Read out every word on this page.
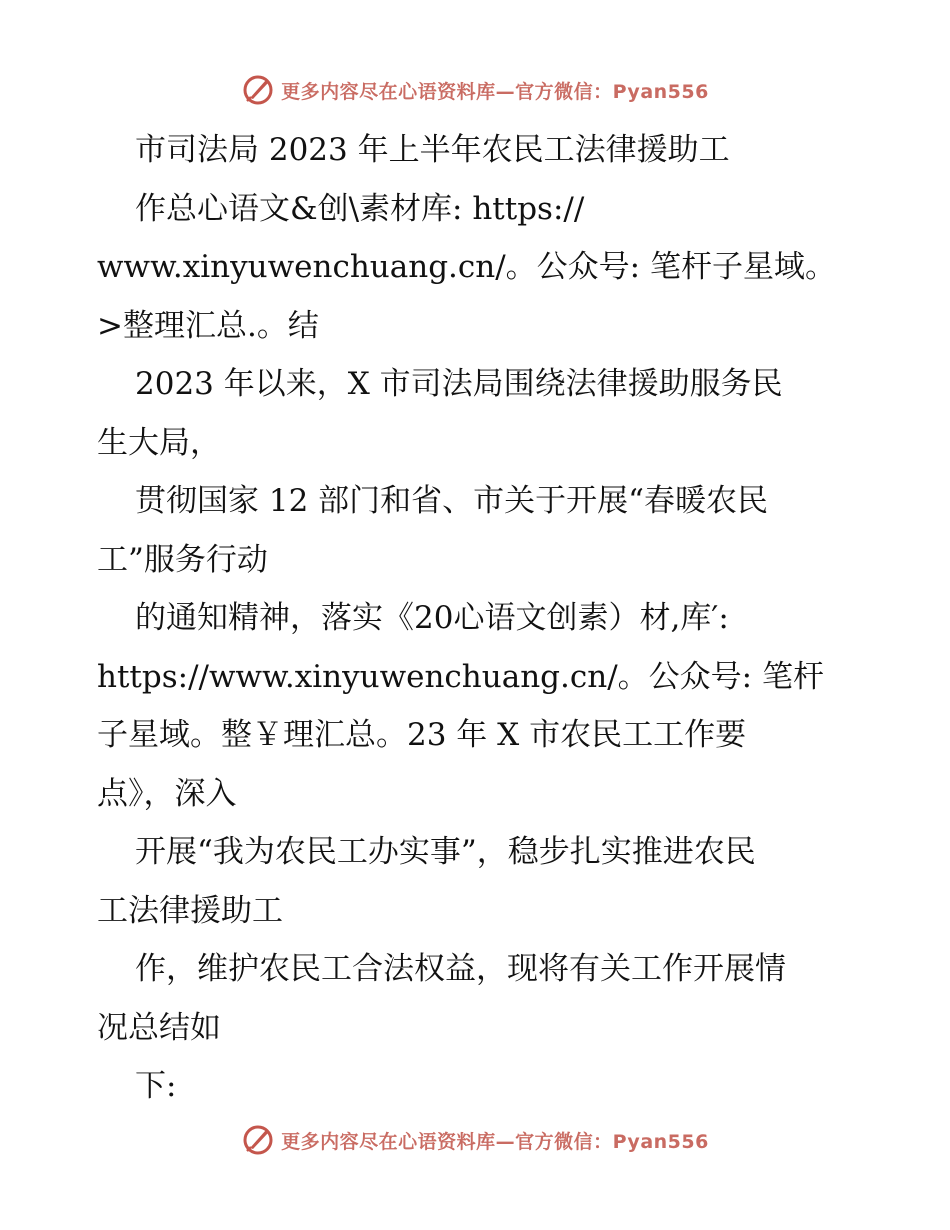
更多内容尽在心语资料库—官方微信：Pyan556
市司法局 2023 年上半年农民工法律援助工
作总心语文&创\素材库: https://
www.xinyuwenchuang.cn/。公众号: 笔杆子星域。
>整理汇总.。结
2023 年以来，X 市司法局围绕法律援助服务民
生大局，
贯彻国家 12 部门和省、市关于开展“春暖农民
工”服务行动
的通知精神，落实《20心语文创素）材,库′:
https://www.xinyuwenchuang.cn/。公众号: 笔杆
子星域。整￥理汇总。23 年 X 市农民工工作要
点》，深入
开展“我为农民工办实事”，稳步扎实推进农民
工法律援助工
作，维护农民工合法权益，现将有关工作开展情
况总结如
下:
更多内容尽在心语资料库—官方微信：Pyan556
